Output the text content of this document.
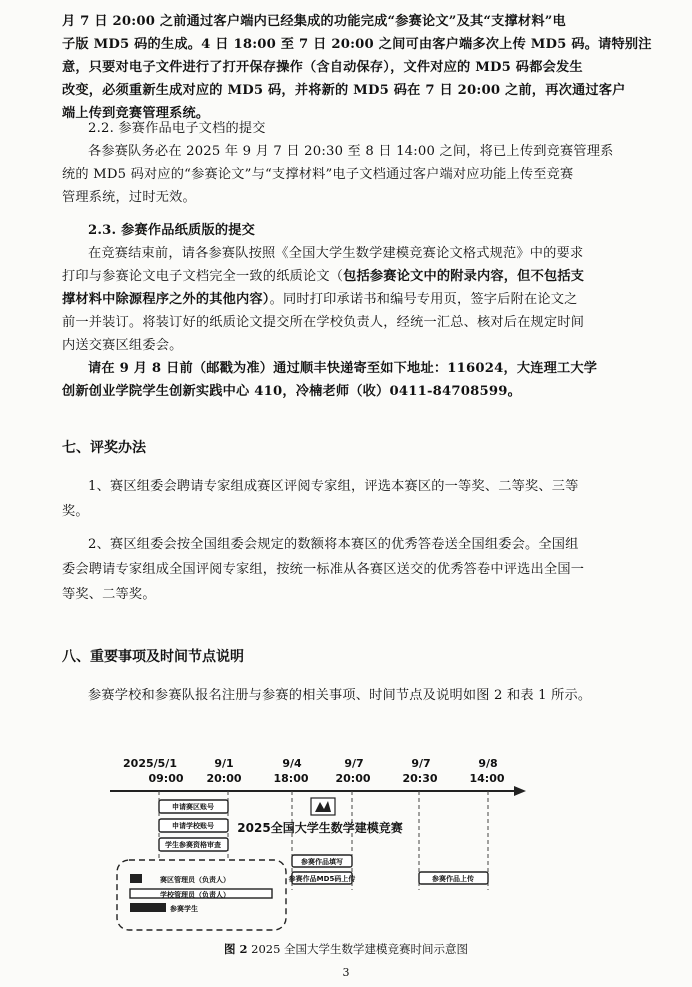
月 7 日 20:00 之前通过客户端内已经集成的功能完成“参赛论文”及其“支撑材料”电
子版 MD5 码的生成。4 日 18:00 至 7 日 20:00 之间可由客户端多次上传 MD5 码。请特别注
意，只要对电子文件进行了打开保存操作（含自动保存），文件对应的 MD5 码都会发生
改变，必须重新生成对应的 MD5 码，并将新的 MD5 码在 7 日 20:00 之前，再次通过客户
端上传到竞赛管理系统。
2.2. 参赛作品电子文档的提交
各参赛队务必在 2025 年 9 月 7 日 20:30 至 8 日 14:00 之间，将已上传到竞赛管理系
统的 MD5 码对应的“参赛论文”与“支撑材料”电子文档通过客户端对应功能上传至竞赛
管理系统，过时无效。
2.3. 参赛作品纸质版的提交
在竞赛结束前，请各参赛队按照《全国大学生数学建模竞赛论文格式规范》中的要求
打印与参赛论文电子文档完全一致的纸质论文（包括参赛论文中的附录内容，但不包括支
撑材料中除源程序之外的其他内容）。同时打印承诺书和编号专用页，签字后附在论文之
前一并装订。将装订好的纸质论文提交所在学校负责人，经统一汇总、核对后在规定时间
内送交赛区组委会。
请在 9 月 8 日前（邮戳为准）通过顺丰快递寄至如下地址：116024，大连理工大学
创新创业学院学生创新实践中心 410，冷楠老师（收）0411-84708599。
七、评奖办法
1、赛区组委会聘请专家组成赛区评阅专家组，评选本赛区的一等奖、二等奖、三等
奖。
2、赛区组委会按全国组委会规定的数额将本赛区的优秀答卷送全国组委会。全国组
委会聘请专家组成全国评阅专家组，按统一标准从各赛区送交的优秀答卷中评选出全国一
等奖、二等奖。
八、重要事项及时间节点说明
参赛学校和参赛队报名注册与参赛的相关事项、时间节点及说明如图 2 和表 1 所示。
2025/5/1
09:00
9/1
20:00
9/4
18:00
9/7
20:00
9/7
20:30
9/8
14:00
申请赛区账号
申请学校账号
学生参赛资格审查
2025全国大学生数学建模竞赛
参赛作品填写
参赛作品MD5码上传	参赛作品上传
赛区管理员（负责人）
学校管理员（负责人）
参赛学生
图 2 2025 全国大学生数学建模竞赛时间示意图
3
